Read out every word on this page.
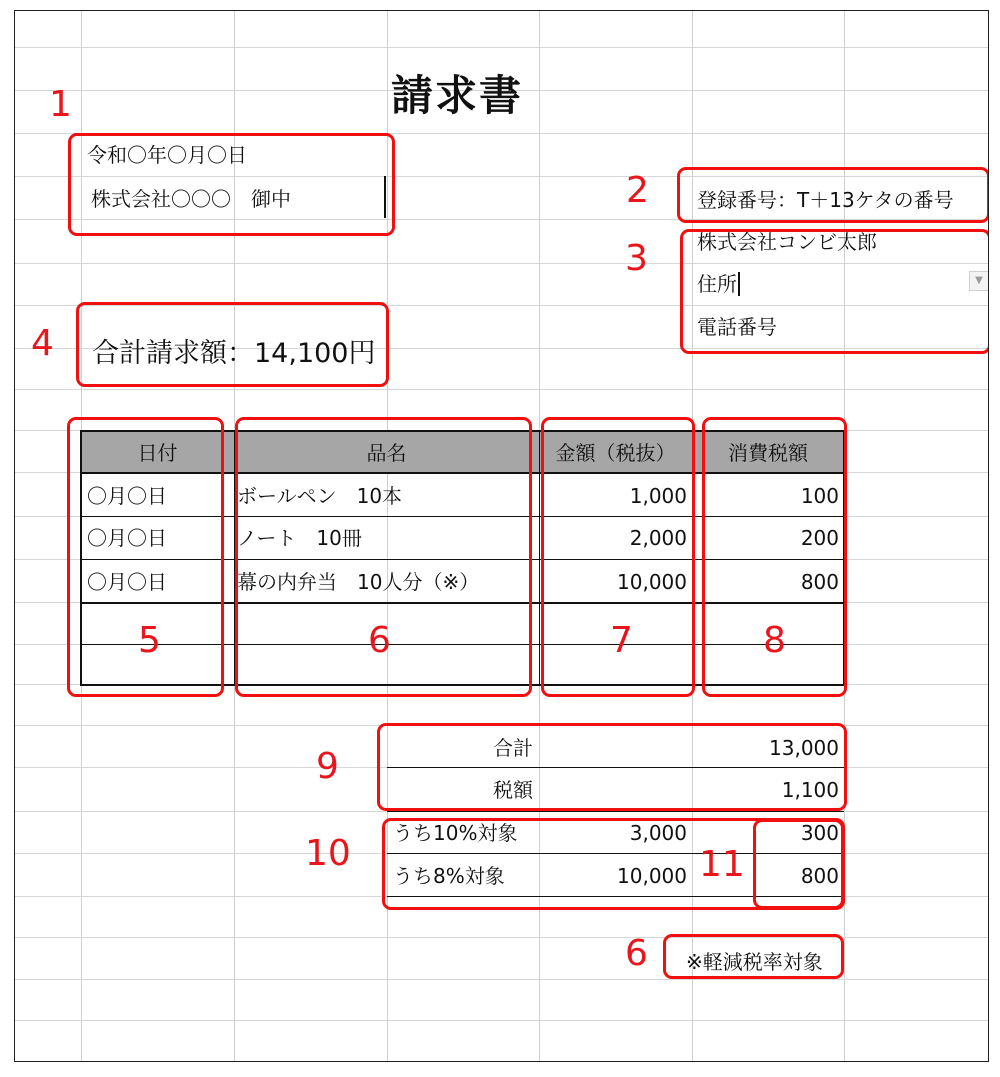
請求書
令和〇年〇月〇日
株式会社〇〇〇　御中	登録番号：T＋13ケタの番号
株式会社コンビ太郎
住所	▼
電話番号
合計請求額：14,100円
日付	品名	金額（税抜）	消費税額
〇月〇日	ボールペン　10本	1,000	100
〇月〇日	ノート　10冊	2,000	200
〇月〇日	幕の内弁当　10人分（※）	10,000	800
合計	13,000
税額	1,100
うち10%対象	3,000	300
うち8%対象	10,000	800
※軽減税率対象
1
2
3
4
5	6	7	8
9
10	11
6
